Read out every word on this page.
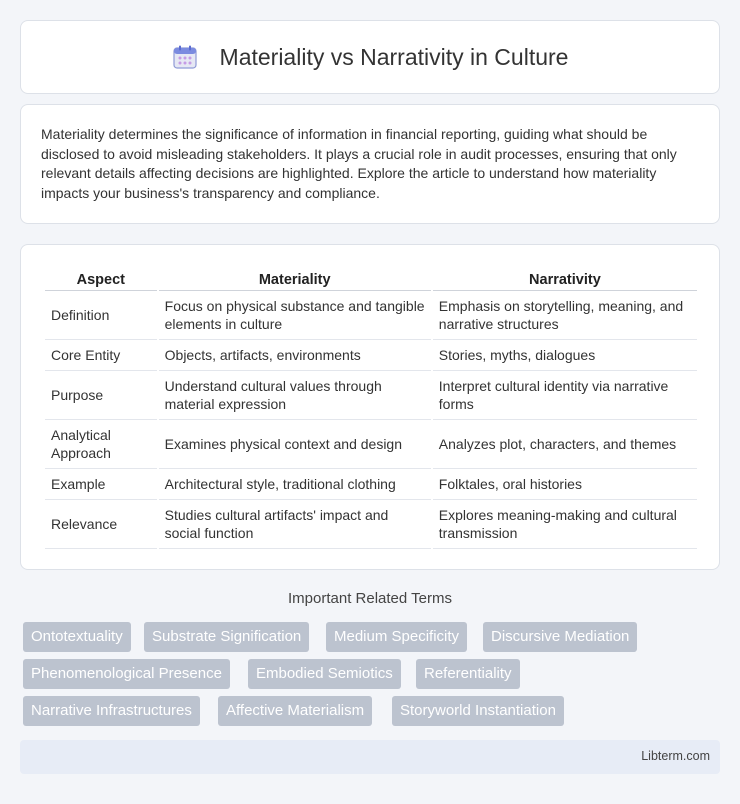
Materiality vs Narrativity in Culture

Materiality determines the significance of information in financial reporting, guiding what should be disclosed to avoid misleading stakeholders. It plays a crucial role in audit processes, ensuring that only relevant details affecting decisions are highlighted. Explore the article to understand how materiality impacts your business's transparency and compliance.

Aspect	Materiality	Narrativity
Definition	Focus on physical substance and tangible elements in culture	Emphasis on storytelling, meaning, and narrative structures
Core Entity	Objects, artifacts, environments	Stories, myths, dialogues
Purpose	Understand cultural values through material expression	Interpret cultural identity via narrative forms
Analytical Approach	Examines physical context and design	Analyzes plot, characters, and themes
Example	Architectural style, traditional clothing	Folktales, oral histories
Relevance	Studies cultural artifacts' impact and social function	Explores meaning-making and cultural transmission
Important Related Terms
Ontotextuality	Substrate Signification	Medium Specificity	Discursive Mediation
Phenomenological Presence	Embodied Semiotics	Referentiality
Narrative Infrastructures	Affective Materialism	Storyworld Instantiation
Libterm.com
